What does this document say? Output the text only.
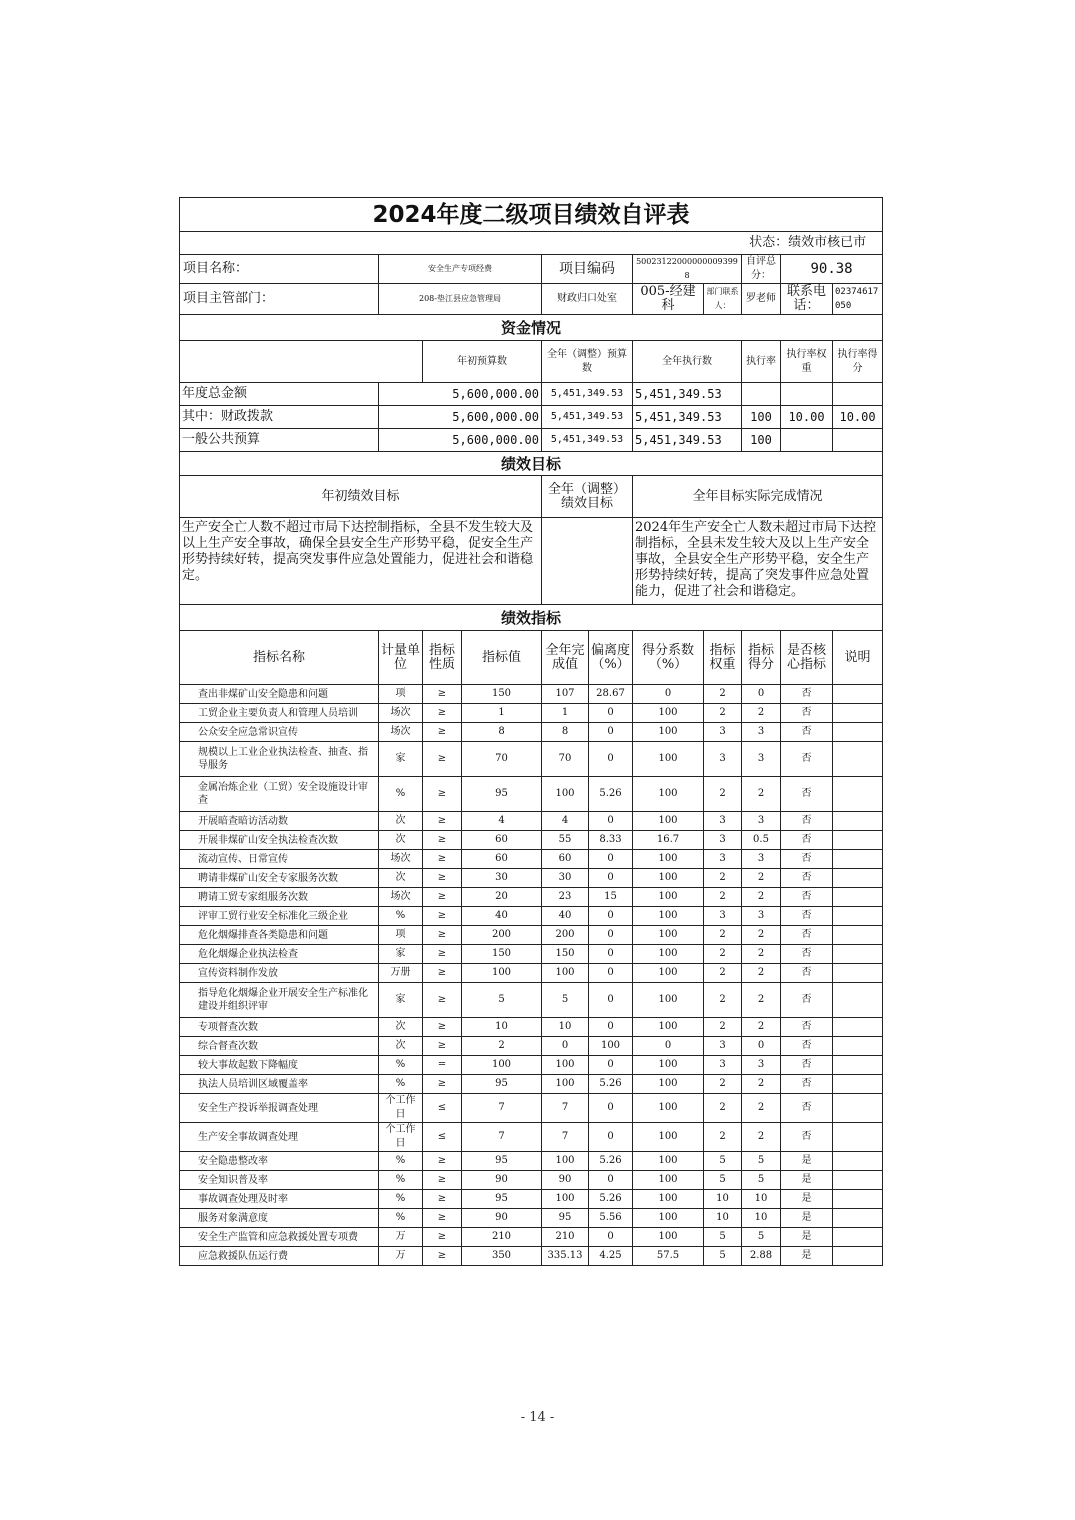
2024年度二级项目绩效自评表										
状态：绩效市核已市										
项目名称：	安全生产专项经费			项目编码		500231220000000093998		自评总分：	90.38	
项目主管部门：	208-垫江县应急管理局			财政归口处室		005-经建科	部门联系人：	罗老师	联系电话：	02374617050
资金情况										
		年初预算数		全年（调整）预算数		全年执行数		执行率	执行率权重	执行率得分
年度总金额	5,600,000.00			5,451,349.53		5,451,349.53				
其中：财政拨款	5,600,000.00			5,451,349.53		5,451,349.53		100	10.00	10.00
一般公共预算	5,600,000.00			5,451,349.53		5,451,349.53		100		
绩效目标										
年初绩效目标				全年（调整）绩效目标		全年目标实际完成情况				
生产安全亡人数不超过市局下达控制指标，全县不发生较大及以上生产安全事故，确保全县安全生产形势平稳，促安全生产形势持续好转，提高突发事件应急处置能力，促进社会和谐稳定。						2024年生产安全亡人数未超过市局下达控制指标，全县未发生较大及以上生产安全事故，全县安全生产形势平稳，安全生产形势持续好转，提高了突发事件应急处置能力，促进了社会和谐稳定。				
绩效指标										
指标名称	计量单位	指标性质	指标值	全年完成值	偏离度（%）	得分系数（%）	指标权重	指标得分	是否核心指标	说明
查出非煤矿山安全隐患和问题	项	≥	150	107	28.67	0	2	0	否	
工贸企业主要负责人和管理人员培训	场次	≥	1	1	0	100	2	2	否	
公众安全应急常识宣传	场次	≥	8	8	0	100	3	3	否	
规模以上工业企业执法检查、抽查、指导服务	家	≥	70	70	0	100	3	3	否	
金属冶炼企业（工贸）安全设施设计审查	%	≥	95	100	5.26	100	2	2	否	
开展暗查暗访活动数	次	≥	4	4	0	100	3	3	否	
开展非煤矿山安全执法检查次数	次	≥	60	55	8.33	16.7	3	0.5	否	
流动宣传、日常宣传	场次	≥	60	60	0	100	3	3	否	
聘请非煤矿山安全专家服务次数	次	≥	30	30	0	100	2	2	否	
聘请工贸专家组服务次数	场次	≥	20	23	15	100	2	2	否	
评审工贸行业安全标准化三级企业	%	≥	40	40	0	100	3	3	否	
危化烟爆排查各类隐患和问题	项	≥	200	200	0	100	2	2	否	
危化烟爆企业执法检查	家	≥	150	150	0	100	2	2	否	
宣传资料制作发放	万册	≥	100	100	0	100	2	2	否	
指导危化烟爆企业开展安全生产标准化建设并组织评审	家	≥	5	5	0	100	2	2	否	
专项督查次数	次	≥	10	10	0	100	2	2	否	
综合督查次数	次	≥	2	0	100	0	3	0	否	
较大事故起数下降幅度	%	=	100	100	0	100	3	3	否	
执法人员培训区域覆盖率	%	≥	95	100	5.26	100	2	2	否	
安全生产投诉举报调查处理	个工作日	≤	7	7	0	100	2	2	否	
生产安全事故调查处理	个工作日	≤	7	7	0	100	2	2	否	
安全隐患整改率	%	≥	95	100	5.26	100	5	5	是	
安全知识普及率	%	≥	90	90	0	100	5	5	是	
事故调查处理及时率	%	≥	95	100	5.26	100	10	10	是	
服务对象满意度	%	≥	90	95	5.56	100	10	10	是	
安全生产监管和应急救援处置专项费	万	≥	210	210	0	100	5	5	是	
应急救援队伍运行费	万	≥	350	335.13	4.25	57.5	5	2.88	是	
- 14 -
